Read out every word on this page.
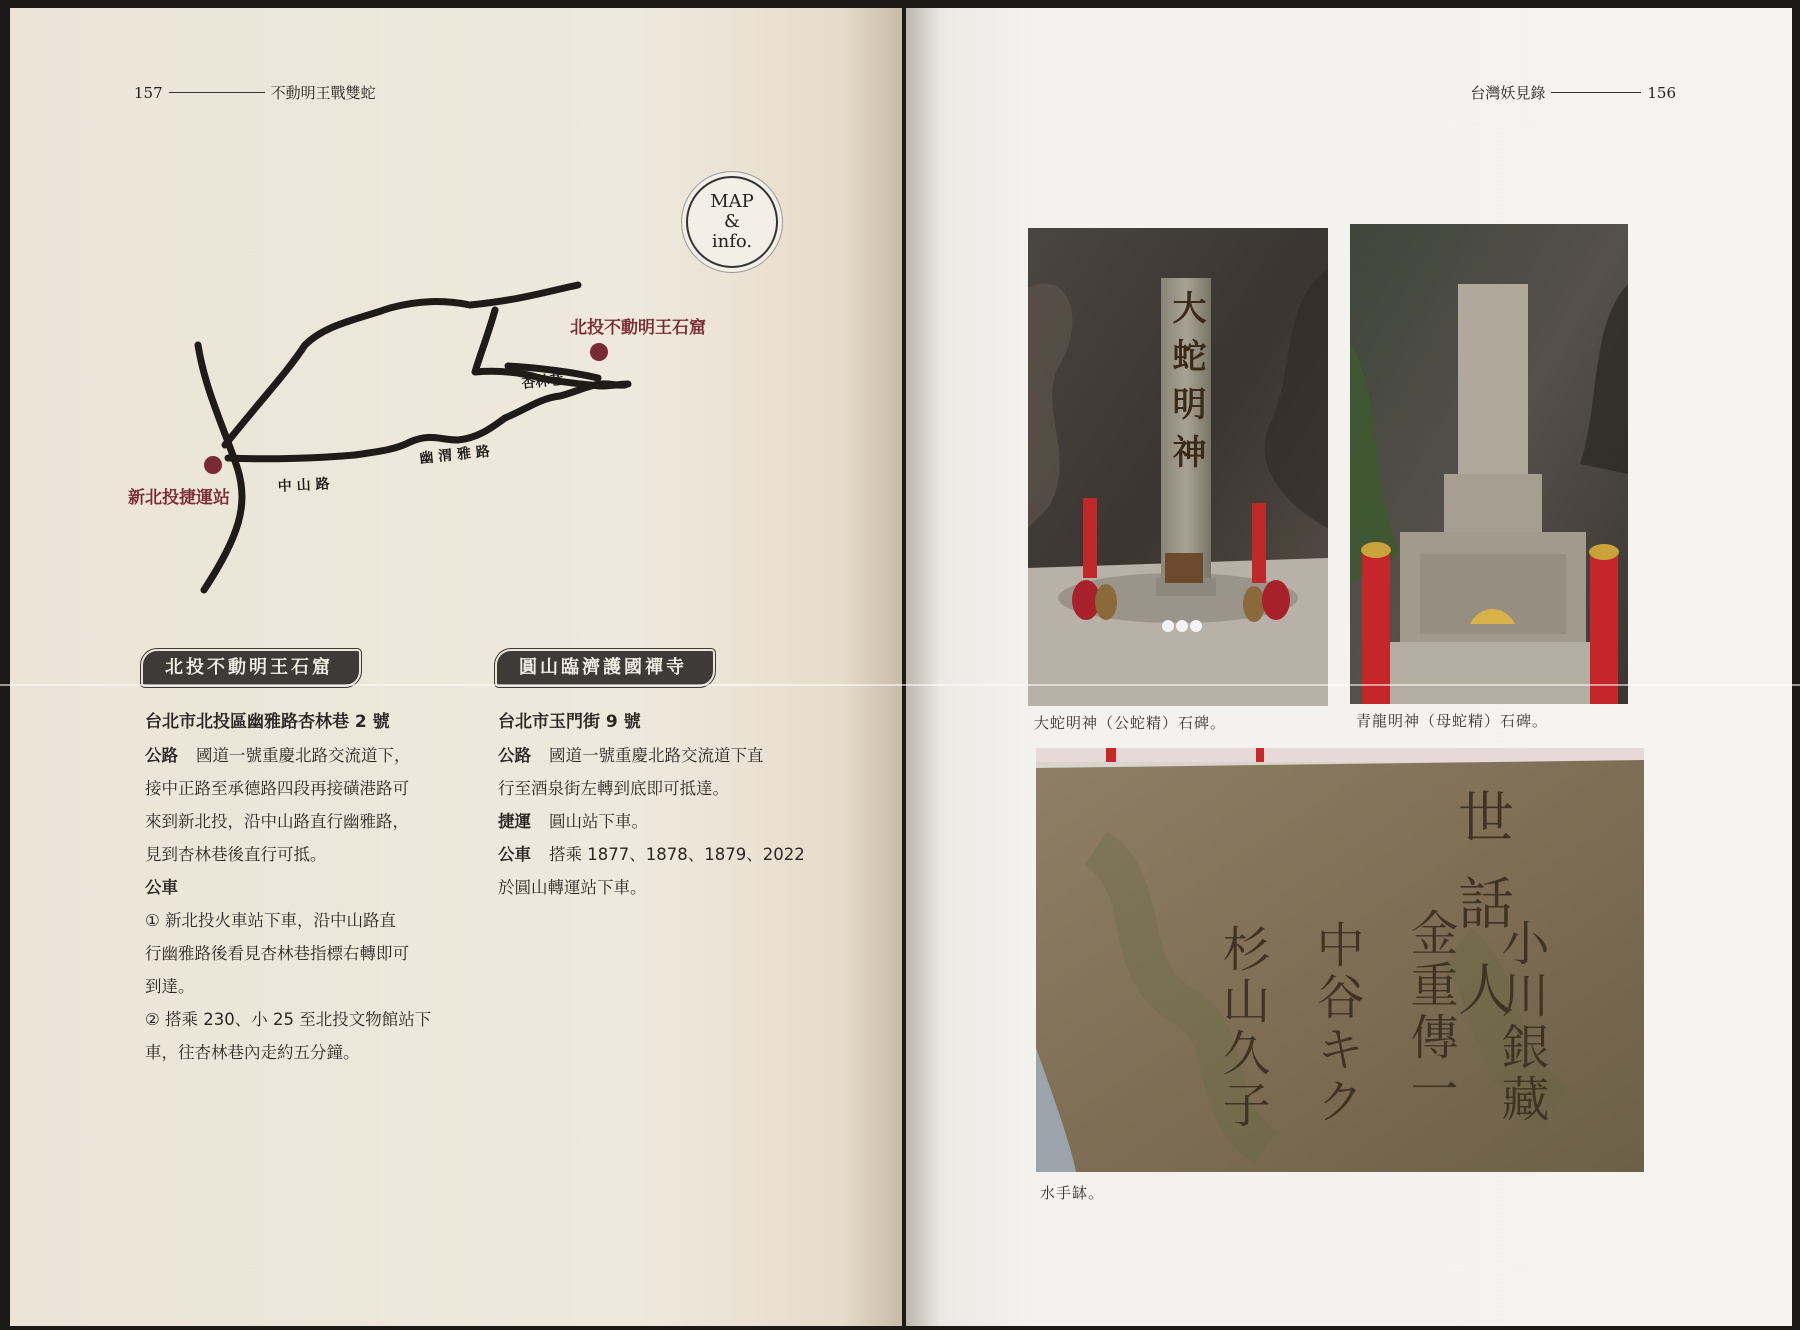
157	不動明王戰雙蛇	台灣妖見錄	156
北投不動明王石窟
新北投捷運站
杏林巷
中 山 路
幽 渭 雅 路
MAP
&
info.
北投不動明王石窟	圓山臨濟護國禪寺

台北市北投區幽雅路杏林巷 2 號

公路 國道一號重慶北路交流道下，

接中正路至承德路四段再接磺港路可

來到新北投，沿中山路直行幽雅路，

見到杏林巷後直行可抵。

公車

① 新北投火車站下車，沿中山路直

行幽雅路後看見杏林巷指標右轉即可

到達。

② 搭乘 230、小 25 至北投文物館站下

車，往杏林巷內走約五分鐘。

台北市玉門街 9 號

公路 國道一號重慶北路交流道下直

行至酒泉街左轉到底即可抵達。

捷運 圓山站下車。

公車 搭乘 1877、1878、1879、2022

於圓山轉運站下車。

大蛇明神
大蛇明神（公蛇精）石碑。	青龍明神（母蛇精）石碑。
世話人
小川銀藏
金重傳一
中谷キク
杉山久子
水手缽。
